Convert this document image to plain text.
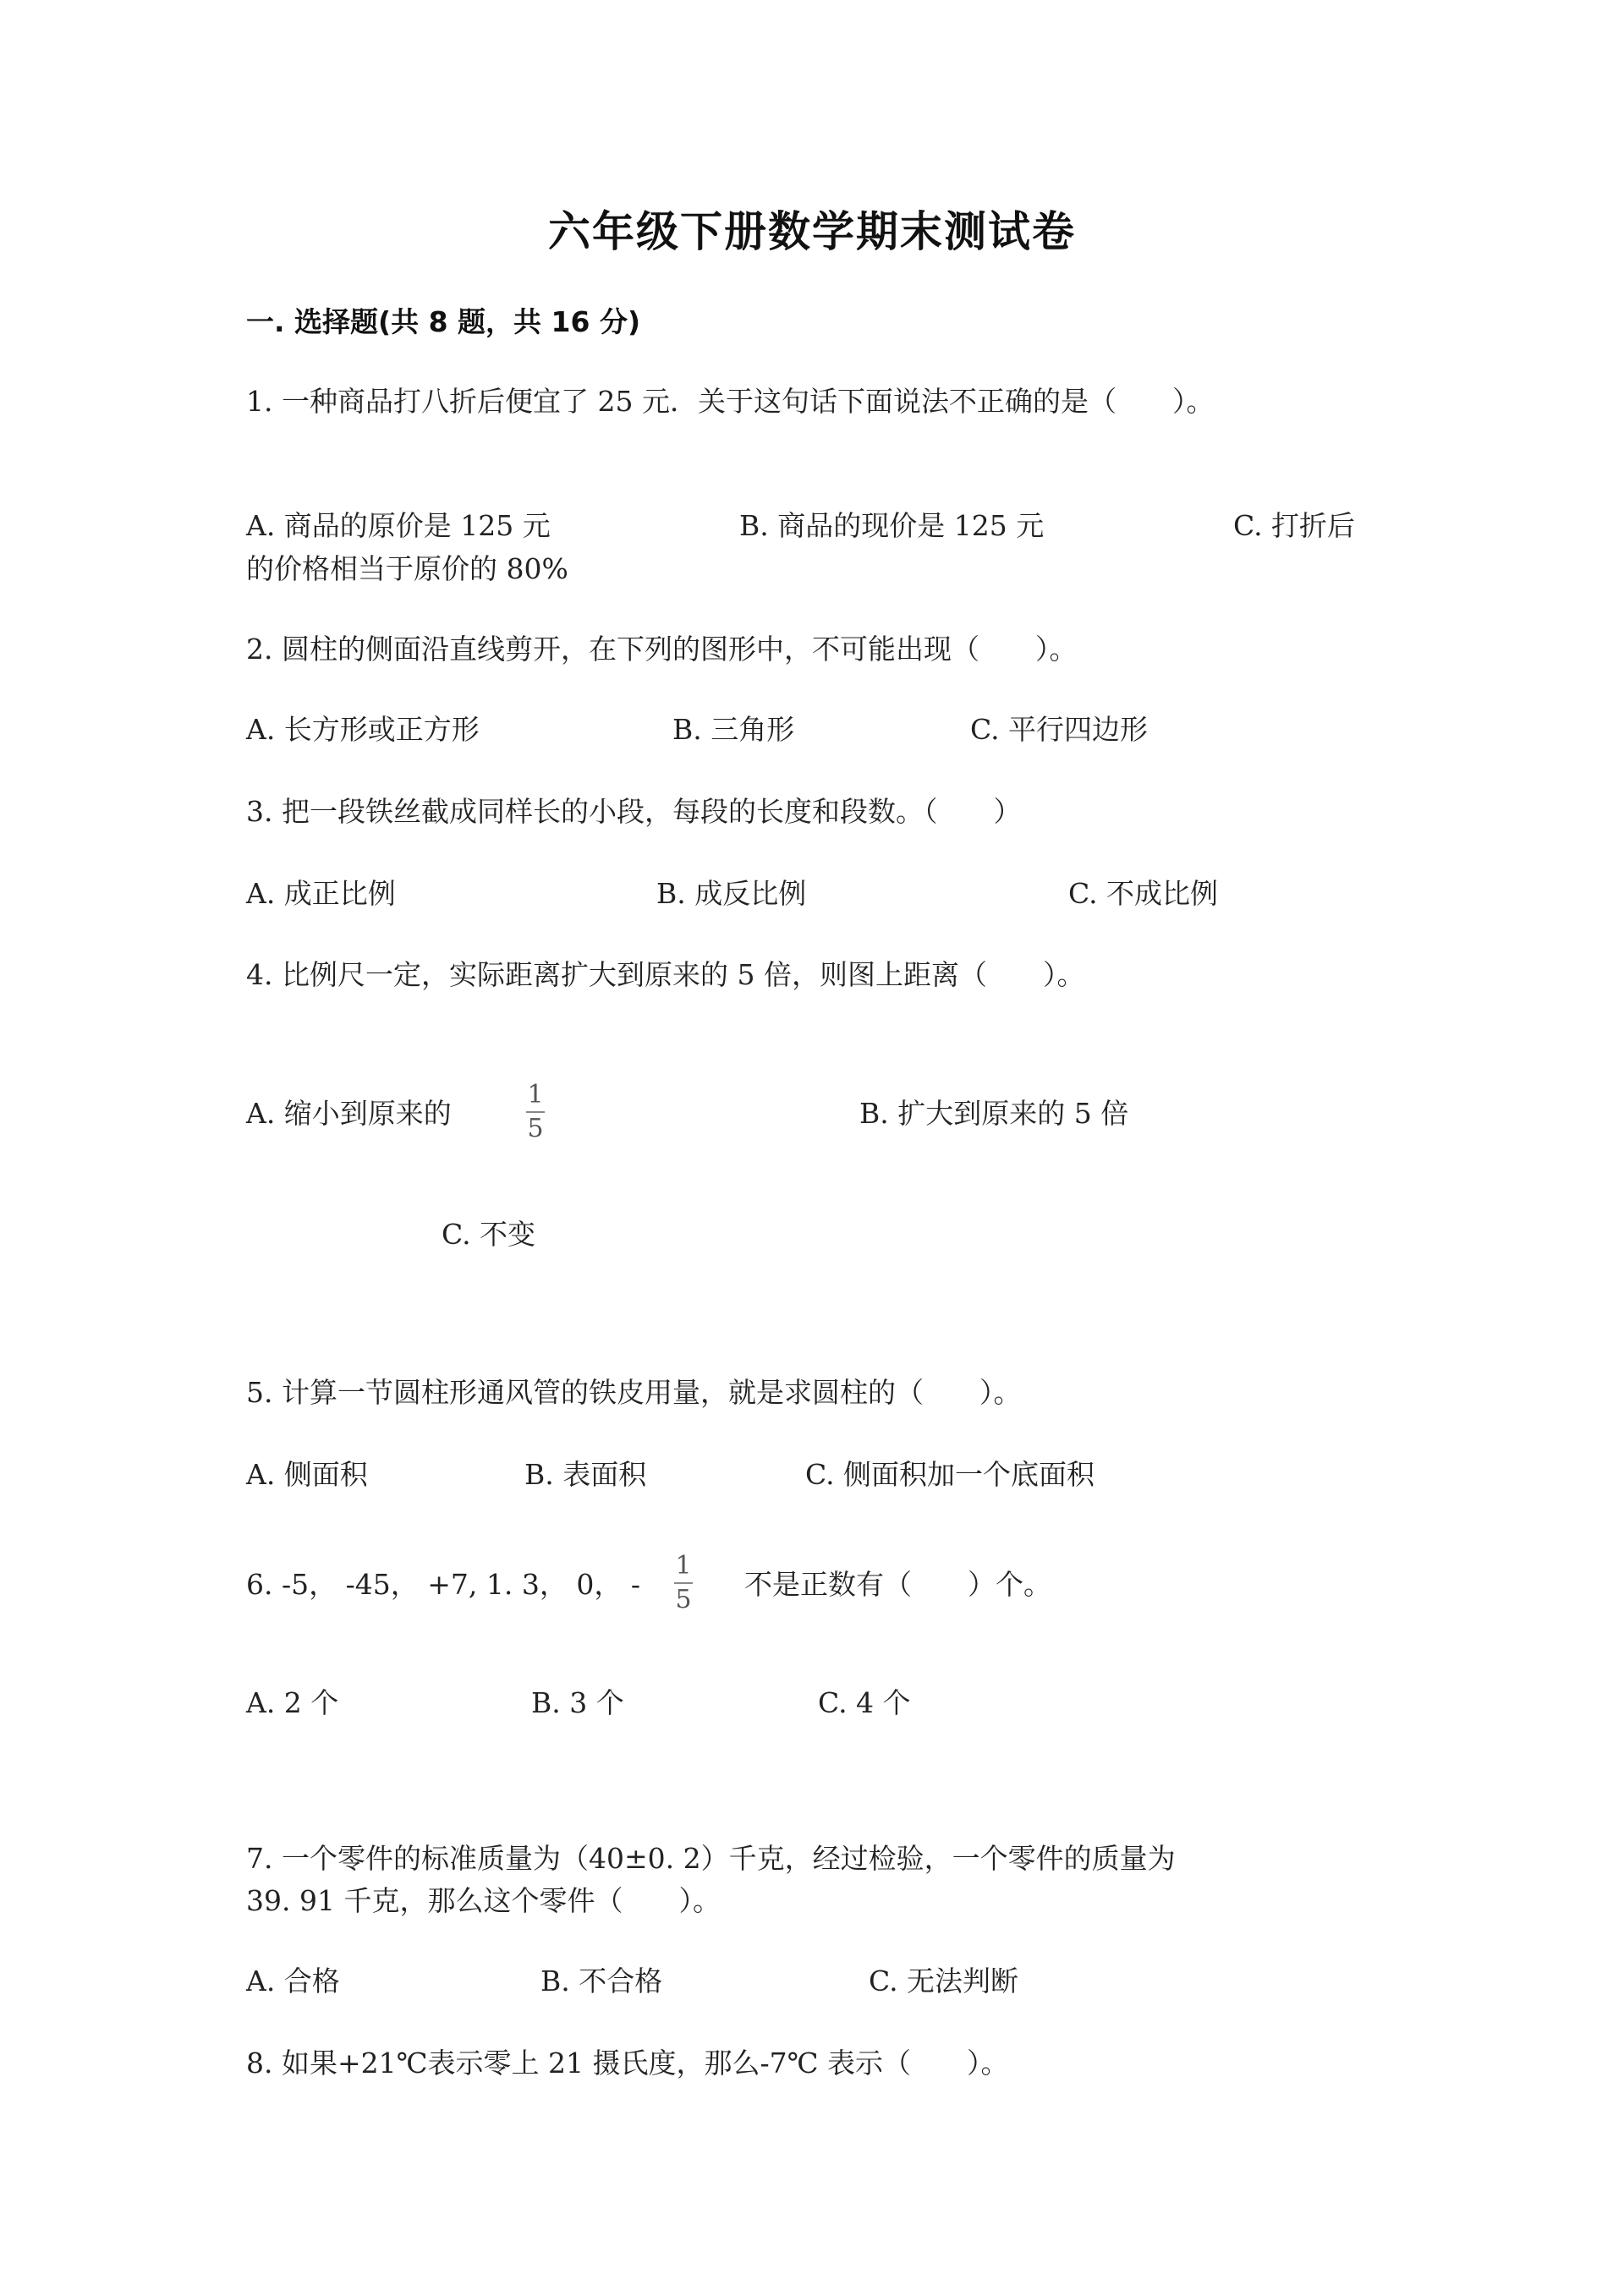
六年级下册数学期末测试卷
一. 选择题(共 8 题，共 16 分)
1. 一种商品打八折后便宜了 25 元．关于这句话下面说法不正确的是（　　）。
A. 商品的原价是 125 元	B. 商品的现价是 125 元	C. 打折后
的价格相当于原价的 80%
2. 圆柱的侧面沿直线剪开，在下列的图形中，不可能出现（　　）。
A. 长方形或正方形	B. 三角形	C. 平行四边形
3. 把一段铁丝截成同样长的小段，每段的长度和段数。（　　）
A. 成正比例	B. 成反比例	C. 不成比例
4. 比例尺一定，实际距离扩大到原来的 5 倍，则图上距离（　　）。
A. 缩小到原来的
1
5	B. 扩大到原来的 5 倍
C. 不变
5. 计算一节圆柱形通风管的铁皮用量，就是求圆柱的（　　）。
A. 侧面积	B. 表面积	C. 侧面积加一个底面积
6. -5， -45， +7, 1. 3， 0， -
1
5 不是正数有（　　）个。
A. 2 个	B. 3 个	C. 4 个
7. 一个零件的标准质量为（40±0. 2）千克，经过检验，一个零件的质量为
39. 91 千克，那么这个零件（　　）。
A. 合格	B. 不合格	C. 无法判断
8. 如果+21℃表示零上 21 摄氏度，那么-7℃ 表示（　　）。
